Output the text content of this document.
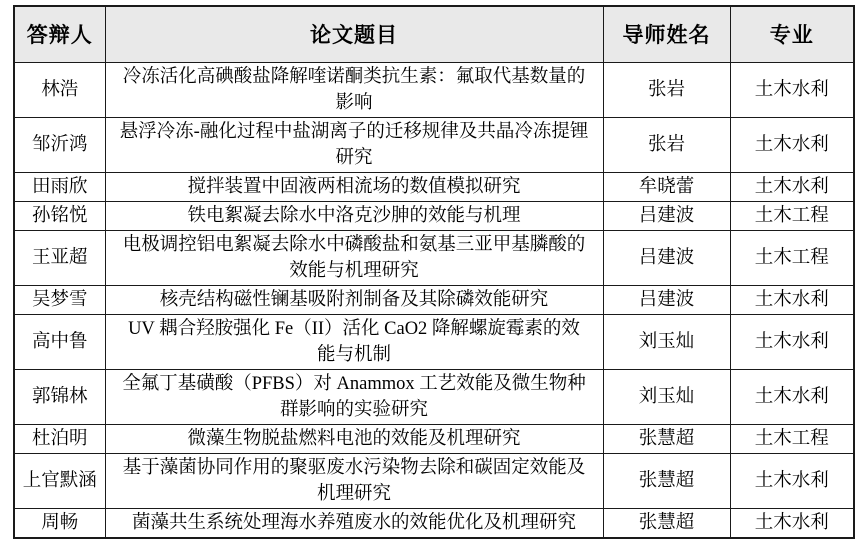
答辩人	论文题目	导师姓名	专业
林浩	冷冻活化高碘酸盐降解喹诺酮类抗生素：氟取代基数量的影响	张岩	土木水利
邹沂鸿	悬浮冷冻-融化过程中盐湖离子的迁移规律及共晶冷冻提锂研究	张岩	土木水利
田雨欣	搅拌装置中固液两相流场的数值模拟研究	牟晓蕾	土木水利
孙铭悦	铁电絮凝去除水中洛克沙胂的效能与机理	吕建波	土木工程
王亚超	电极调控铝电絮凝去除水中磷酸盐和氨基三亚甲基膦酸的效能与机理研究	吕建波	土木工程
吴梦雪	核壳结构磁性镧基吸附剂制备及其除磷效能研究	吕建波	土木水利
高中鲁	UV 耦合羟胺强化 Fe（II）活化 CaO2 降解螺旋霉素的效能与机制	刘玉灿	土木水利
郭锦林	全氟丁基磺酸（PFBS）对 Anammox 工艺效能及微生物种群影响的实验研究	刘玉灿	土木水利
杜泊明	微藻生物脱盐燃料电池的效能及机理研究	张慧超	土木工程
上官默涵	基于藻菌协同作用的聚驱废水污染物去除和碳固定效能及机理研究	张慧超	土木水利
周畅	菌藻共生系统处理海水养殖废水的效能优化及机理研究	张慧超	土木水利
